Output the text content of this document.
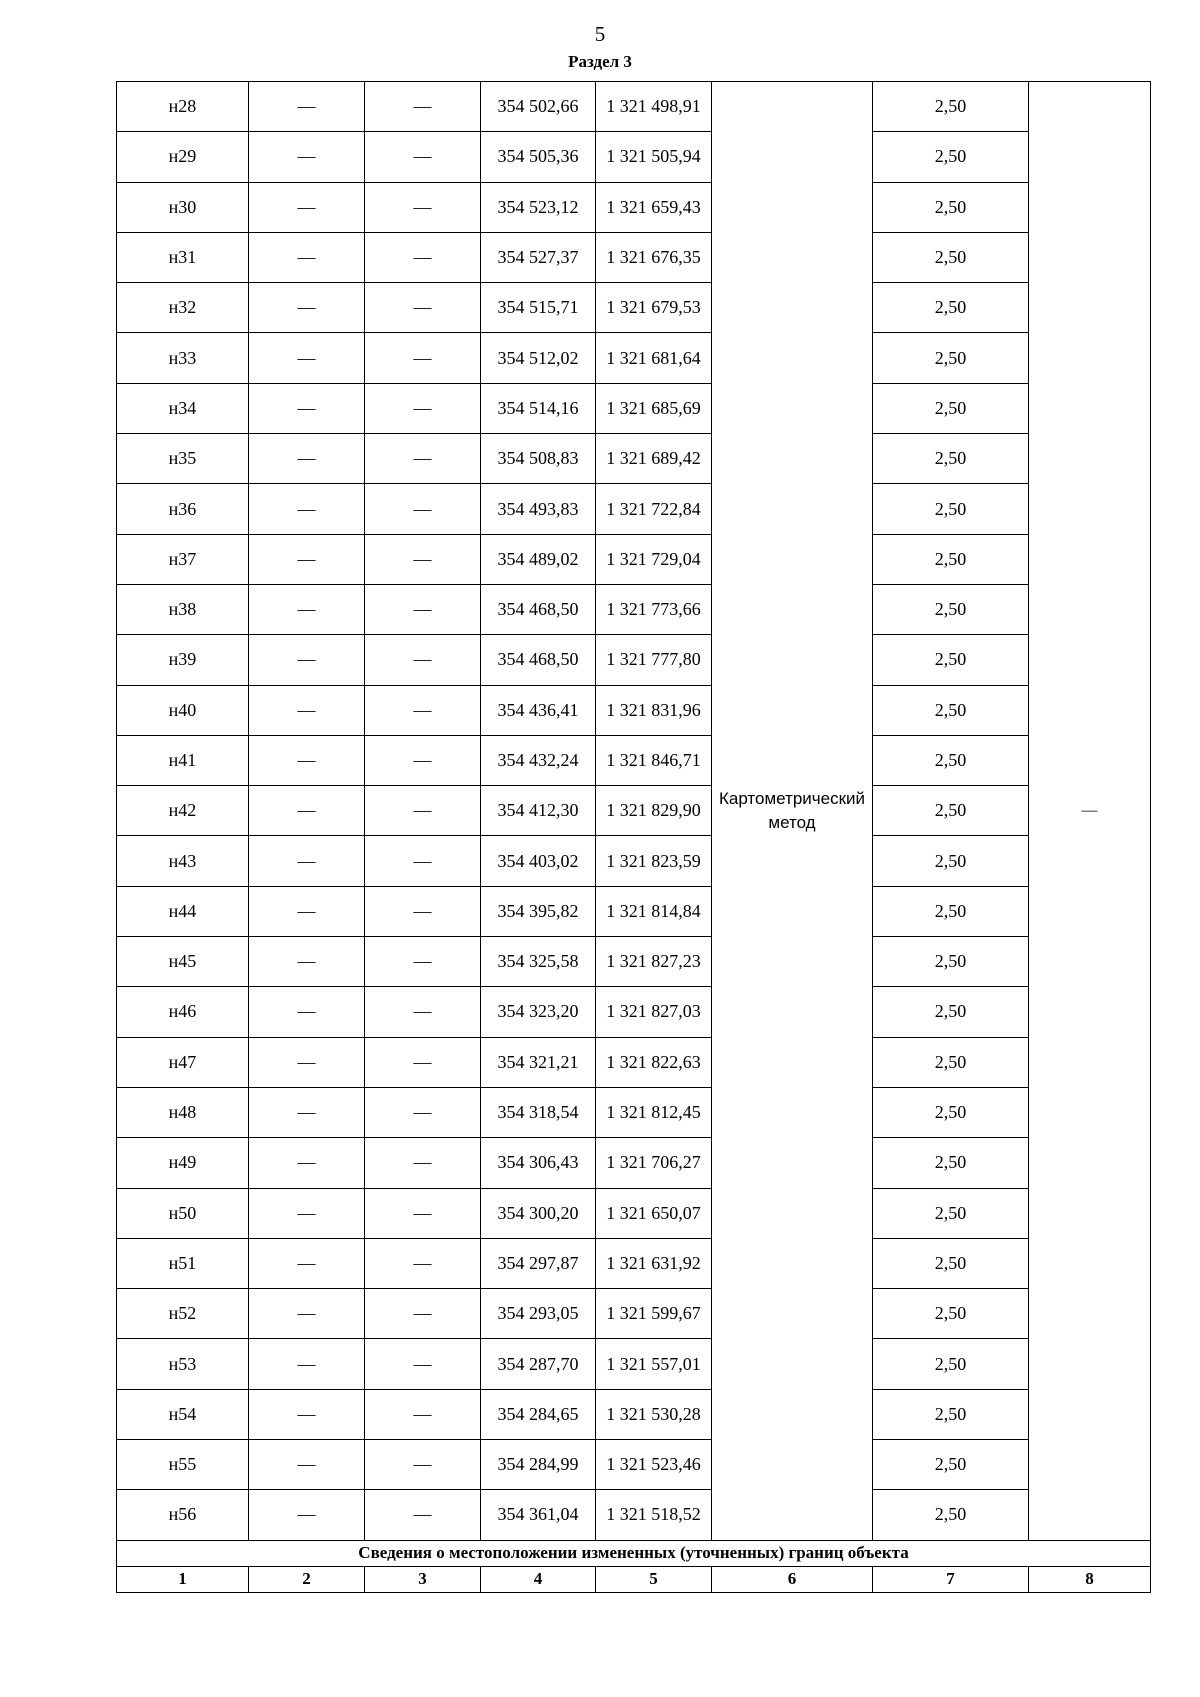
5
Раздел 3
н28	—	—	354 502,66	1 321 498,91	Картометрический метод	2,50	—
н29	—	—	354 505,36	1 321 505,94		2,50	
н30	—	—	354 523,12	1 321 659,43		2,50	
н31	—	—	354 527,37	1 321 676,35		2,50	
н32	—	—	354 515,71	1 321 679,53		2,50	
н33	—	—	354 512,02	1 321 681,64		2,50	
н34	—	—	354 514,16	1 321 685,69		2,50	
н35	—	—	354 508,83	1 321 689,42		2,50	
н36	—	—	354 493,83	1 321 722,84		2,50	
н37	—	—	354 489,02	1 321 729,04		2,50	
н38	—	—	354 468,50	1 321 773,66		2,50	
н39	—	—	354 468,50	1 321 777,80		2,50	
н40	—	—	354 436,41	1 321 831,96		2,50	
н41	—	—	354 432,24	1 321 846,71		2,50	
н42	—	—	354 412,30	1 321 829,90		2,50	
н43	—	—	354 403,02	1 321 823,59		2,50	
н44	—	—	354 395,82	1 321 814,84		2,50	
н45	—	—	354 325,58	1 321 827,23		2,50	
н46	—	—	354 323,20	1 321 827,03		2,50	
н47	—	—	354 321,21	1 321 822,63		2,50	
н48	—	—	354 318,54	1 321 812,45		2,50	
н49	—	—	354 306,43	1 321 706,27		2,50	
н50	—	—	354 300,20	1 321 650,07		2,50	
н51	—	—	354 297,87	1 321 631,92		2,50	
н52	—	—	354 293,05	1 321 599,67		2,50	
н53	—	—	354 287,70	1 321 557,01		2,50	
н54	—	—	354 284,65	1 321 530,28		2,50	
н55	—	—	354 284,99	1 321 523,46		2,50	
н56	—	—	354 361,04	1 321 518,52		2,50	
Сведения о местоположении измененных (уточненных) границ объекта							
1	2	3	4	5	6	7	8
